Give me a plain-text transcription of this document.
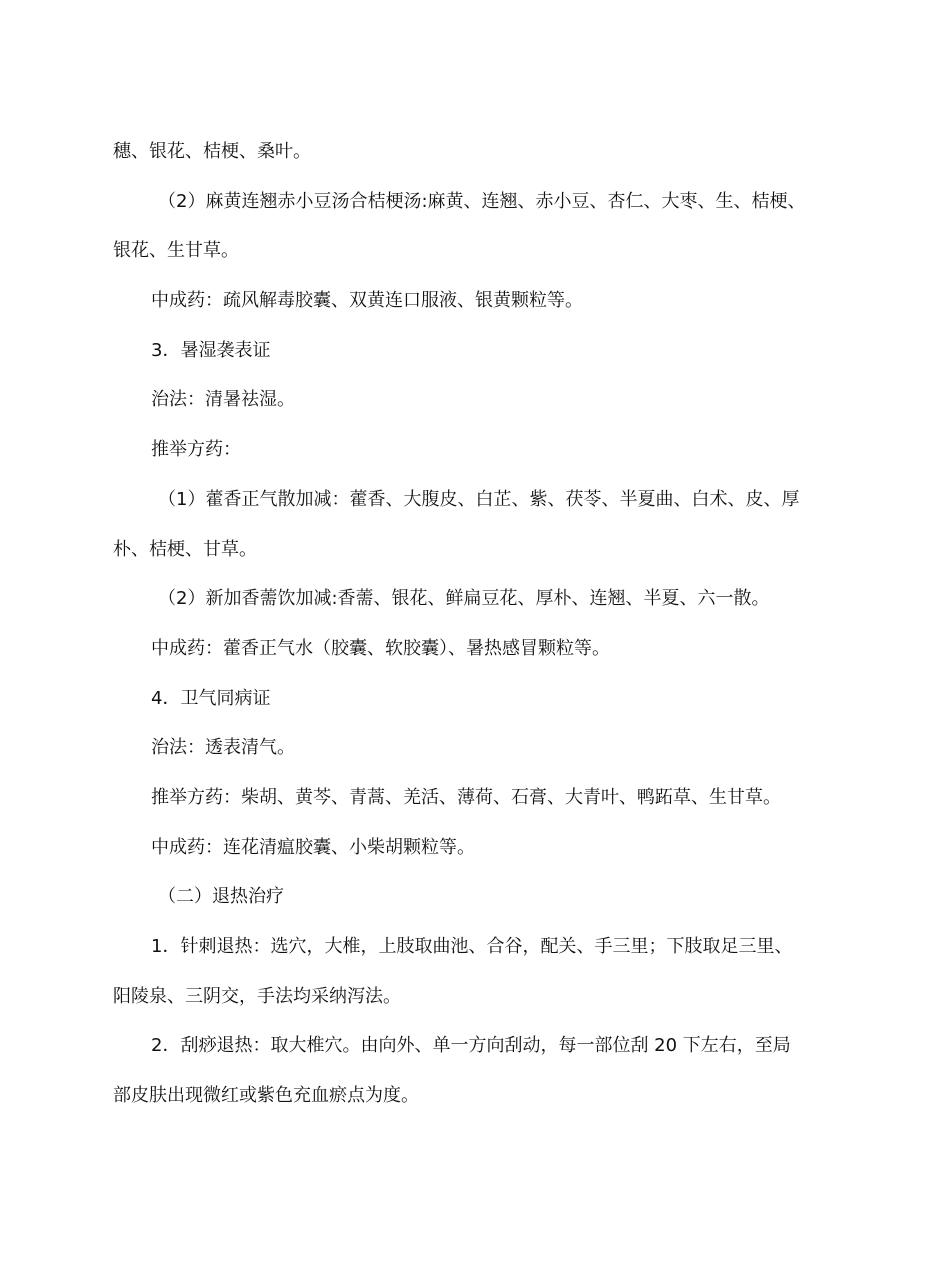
穗、银花、桔梗、桑叶。
（2）麻黄连翘赤小豆汤合桔梗汤:麻黄、连翘、赤小豆、杏仁、大枣、生、桔梗、
银花、生甘草。
中成药：疏风解毒胶囊、双黄连口服液、银黄颗粒等。
3．暑湿袭表证
治法：清暑祛湿。
推举方药：
（1）藿香正气散加减：藿香、大腹皮、白芷、紫、茯苓、半夏曲、白术、皮、厚
朴、桔梗、甘草。
（2）新加香薷饮加减:香薷、银花、鲜扁豆花、厚朴、连翘、半夏、六一散。
中成药：藿香正气水（胶囊、软胶囊）、暑热感冒颗粒等。
4．卫气同病证
治法：透表清气。
推举方药：柴胡、黄芩、青蒿、羌活、薄荷、石膏、大青叶、鸭跖草、生甘草。
中成药：连花清瘟胶囊、小柴胡颗粒等。
（二）退热治疗
1．针刺退热：选穴，大椎，上肢取曲池、合谷，配关、手三里；下肢取足三里、
阳陵泉、三阴交，手法均采纳泻法。
2．刮痧退热：取大椎穴。由向外、单一方向刮动，每一部位刮 20 下左右，至局
部皮肤出现微红或紫色充血瘀点为度。
